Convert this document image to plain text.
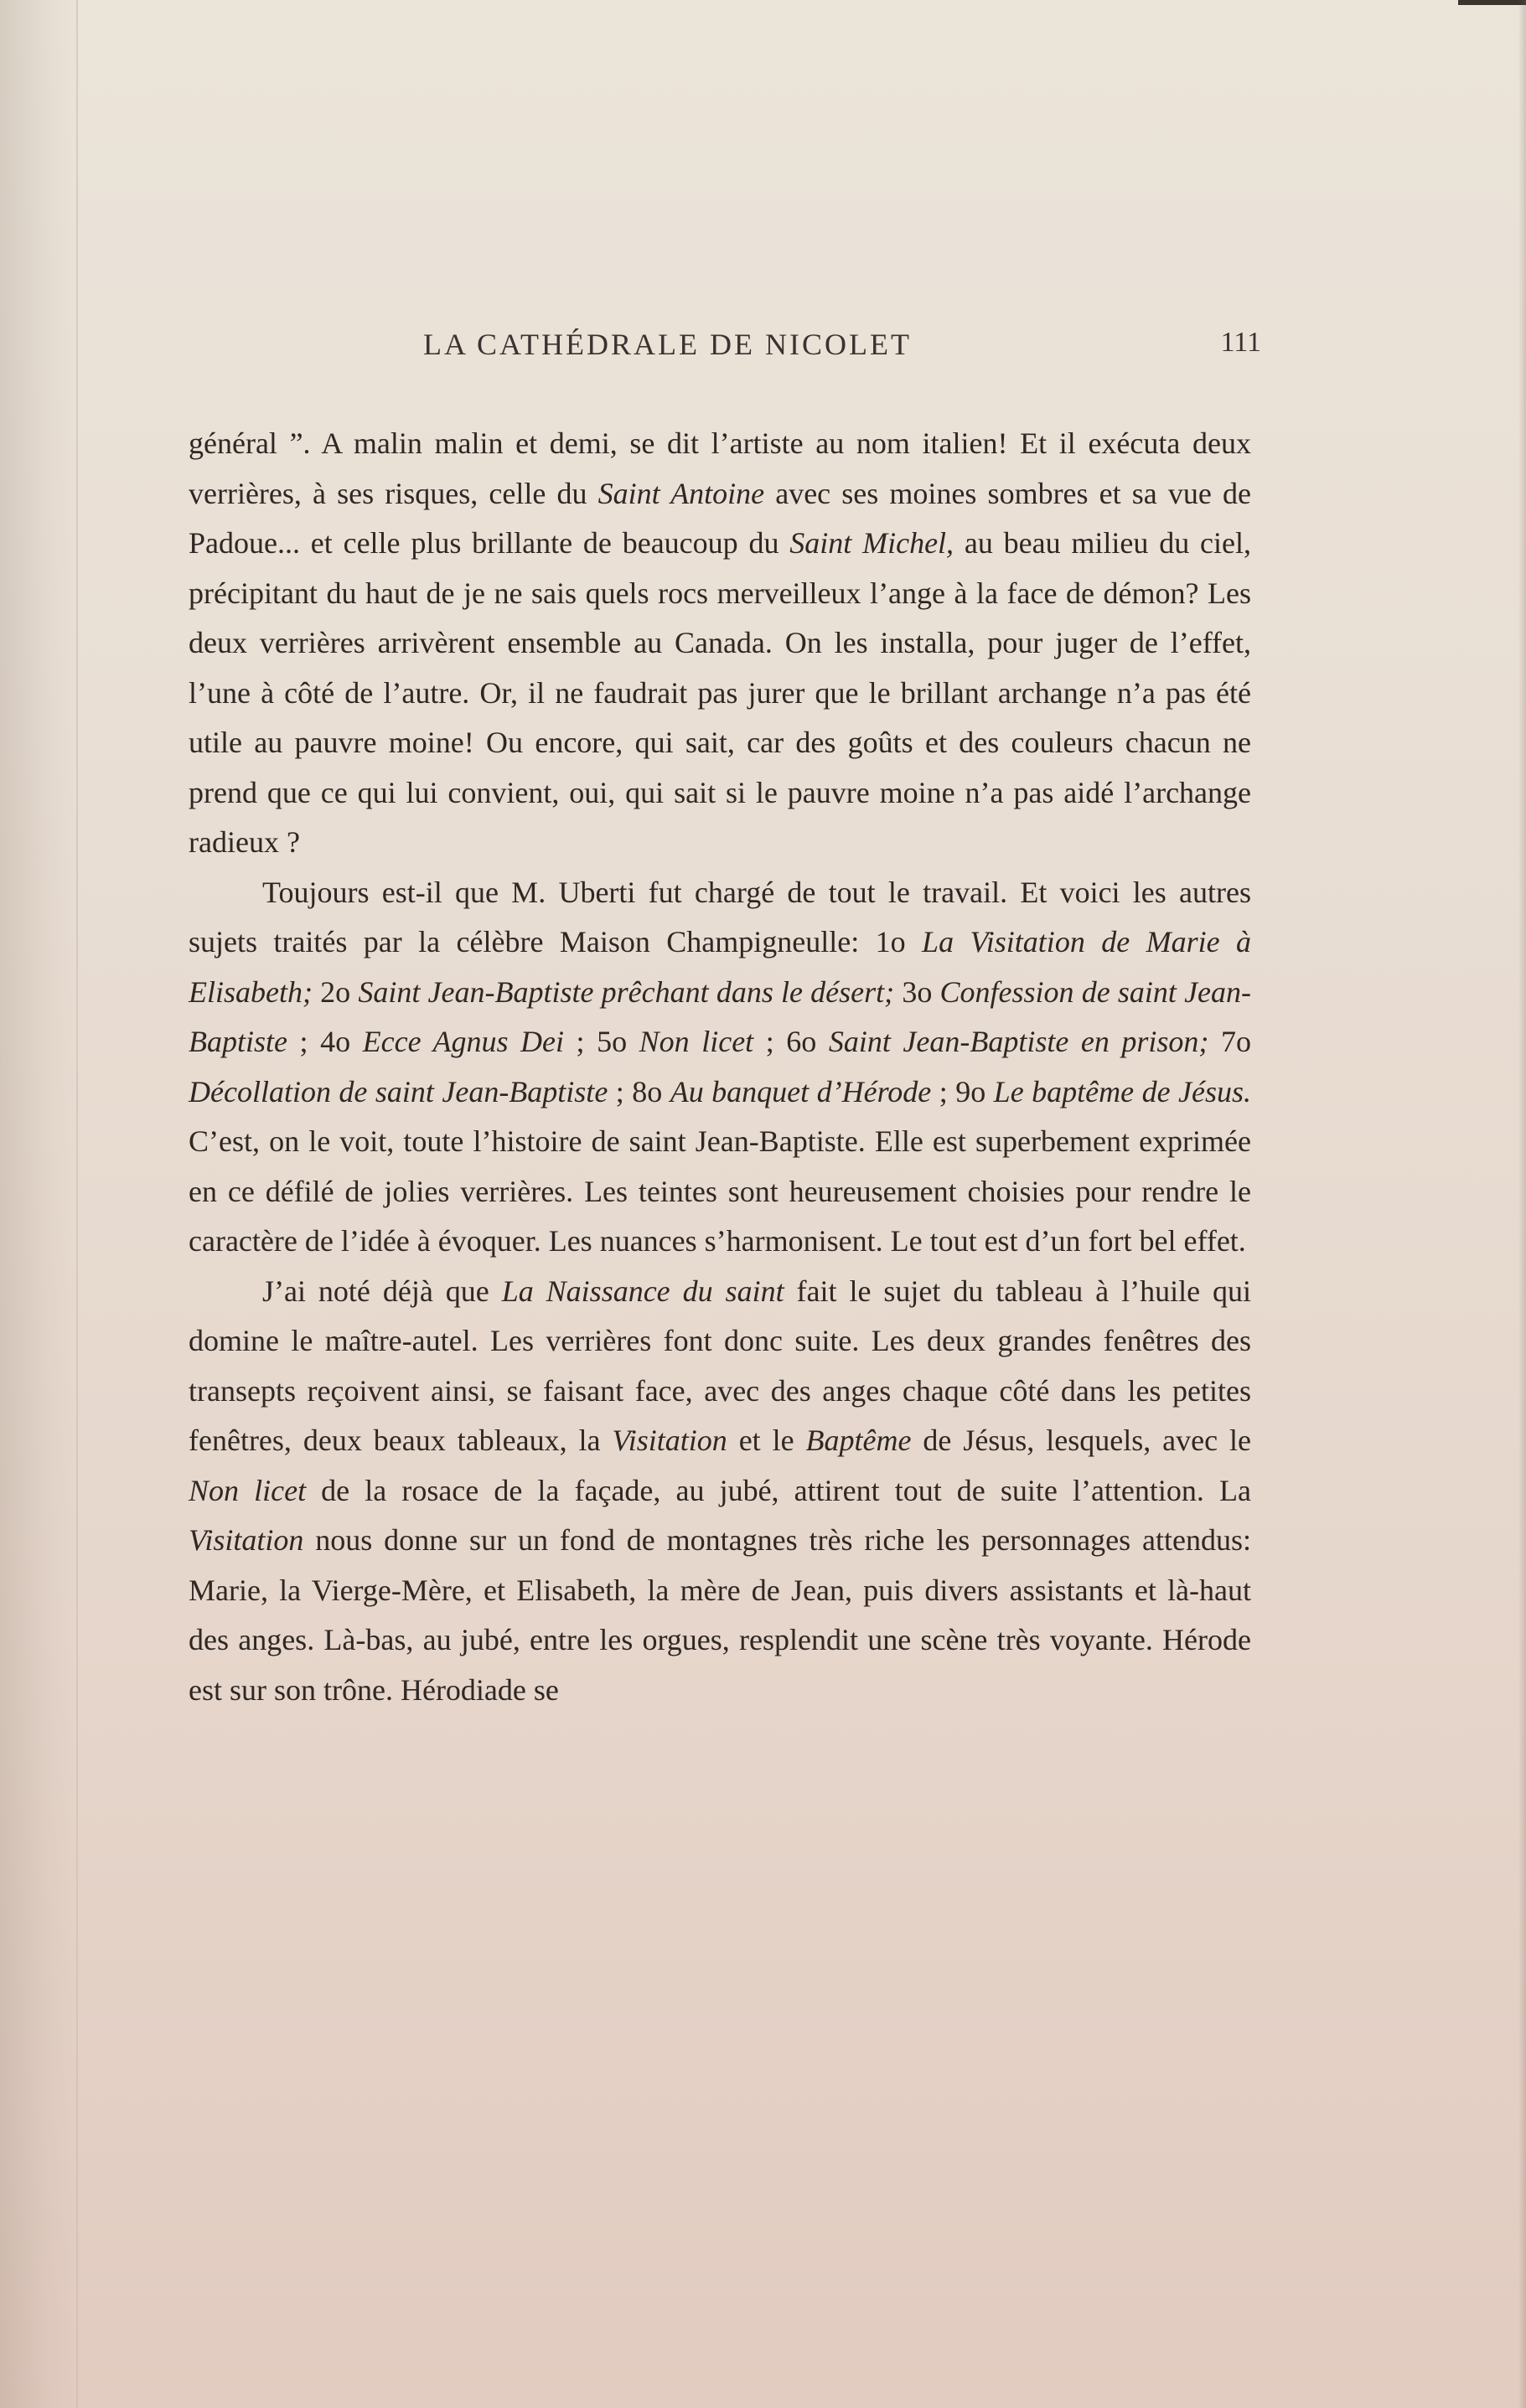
LA CATHÉDRALE DE NICOLET	111

général ”. A malin malin et demi, se dit l’artiste au nom italien! Et il exécuta deux verrières, à ses risques, celle du Saint Antoine avec ses moines sombres et sa vue de Padoue... et celle plus brillante de beaucoup du Saint Michel, au beau milieu du ciel, précipitant du haut de je ne sais quels rocs merveilleux l’ange à la face de démon? Les deux verrières arrivèrent ensemble au Canada. On les installa, pour juger de l’effet, l’une à côté de l’autre. Or, il ne faudrait pas jurer que le brillant archange n’a pas été utile au pauvre moine! Ou encore, qui sait, car des goûts et des couleurs chacun ne prend que ce qui lui convient, oui, qui sait si le pauvre moine n’a pas aidé l’archange radieux ?

Toujours est-il que M. Uberti fut chargé de tout le travail. Et voici les autres sujets traités par la célèbre Maison Champigneulle: 1o La Visitation de Marie à Elisabeth; 2o Saint Jean-Baptiste prêchant dans le désert; 3o Confession de saint Jean-Baptiste ; 4o Ecce Agnus Dei ; 5o Non licet ; 6o Saint Jean-Baptiste en prison; 7o Décollation de saint Jean-Baptiste ; 8o Au banquet d’Hérode ; 9o Le baptême de Jésus. C’est, on le voit, toute l’histoire de saint Jean-Baptiste. Elle est superbement exprimée en ce défilé de jolies verrières. Les teintes sont heureusement choisies pour rendre le caractère de l’idée à évoquer. Les nuances s’harmonisent. Le tout est d’un fort bel effet.

J’ai noté déjà que La Naissance du saint fait le sujet du tableau à l’huile qui domine le maître-autel. Les verrières font donc suite. Les deux grandes fenêtres des transepts reçoivent ainsi, se faisant face, avec des anges chaque côté dans les petites fenêtres, deux beaux tableaux, la Visitation et le Baptême de Jésus, lesquels, avec le Non licet de la rosace de la façade, au jubé, attirent tout de suite l’attention. La Visitation nous donne sur un fond de montagnes très riche les personnages attendus: Marie, la Vierge-Mère, et Elisabeth, la mère de Jean, puis divers assistants et là-haut des anges. Là-bas, au jubé, entre les orgues, resplendit une scène très voyante. Hérode est sur son trône. Hérodiade se
